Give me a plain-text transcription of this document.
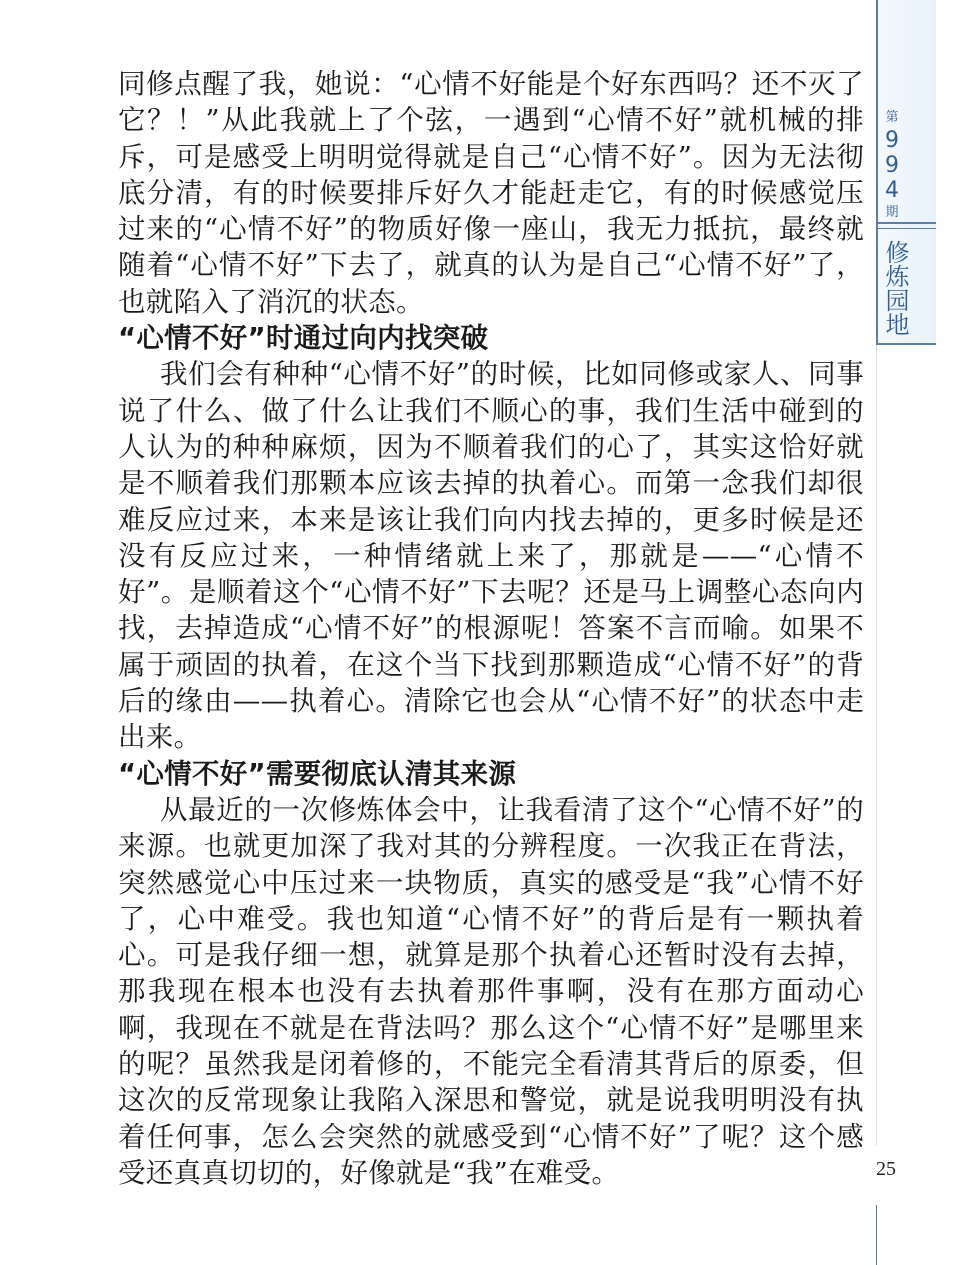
同修点醒了我，她说：“心情不好能是个好东西吗？还不灭了它？！”从此我就上了个弦，一遇到“心情不好”就机械的排斥，可是感受上明明觉得就是自己“心情不好”。因为无法彻底分清，有的时候要排斥好久才能赶走它，有的时候感觉压过来的“心情不好”的物质好像一座山，我无力抵抗，最终就随着“心情不好”下去了，就真的认为是自己“心情不好”了，也就陷入了消沉的状态。

“心情不好”时通过向内找突破

我们会有种种“心情不好”的时候，比如同修或家人、同事说了什么、做了什么让我们不顺心的事，我们生活中碰到的人认为的种种麻烦，因为不顺着我们的心了，其实这恰好就是不顺着我们那颗本应该去掉的执着心。而第一念我们却很难反应过来，本来是该让我们向内找去掉的，更多时候是还没有反应过来，一种情绪就上来了，那就是——“心情不好”。是顺着这个“心情不好”下去呢？还是马上调整心态向内找，去掉造成“心情不好”的根源呢！答案不言而喻。如果不属于顽固的执着，在这个当下找到那颗造成“心情不好”的背后的缘由——执着心。清除它也会从“心情不好”的状态中走出来。

“心情不好”需要彻底认清其来源

从最近的一次修炼体会中，让我看清了这个“心情不好”的来源。也就更加深了我对其的分辨程度。一次我正在背法，突然感觉心中压过来一块物质，真实的感受是“我”心情不好了，心中难受。我也知道“心情不好”的背后是有一颗执着心。可是我仔细一想，就算是那个执着心还暂时没有去掉，那我现在根本也没有去执着那件事啊，没有在那方面动心啊，我现在不就是在背法吗？那么这个“心情不好”是哪里来的呢？虽然我是闭着修的，不能完全看清其背后的原委，但这次的反常现象让我陷入深思和警觉，就是说我明明没有执着任何事，怎么会突然的就感受到“心情不好”了呢？这个感受还真真切切的，好像就是“我”在难受。

第
9
9
4
期
修炼园地
25
